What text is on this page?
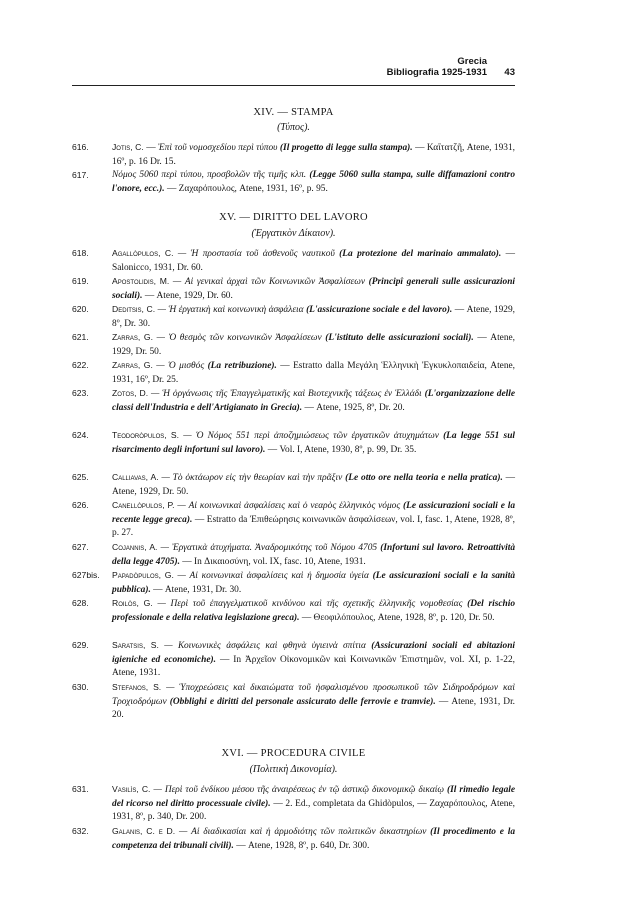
Grecia
Bibliografia 1925-1931	43
XIV. — STAMPA
(Τύπος).
616.	Jotis, C. — Ἐπὶ τοῦ νομοσχεδίου περὶ τύπου (Il progetto di legge sulla stampa). — Καΐτατζῆ, Atene, 1931, 16º, p. 16 Dr. 15.
617.	Νόμος 5060 περὶ τύπου, προσβολῶν τῆς τιμῆς κλπ. (Legge 5060 sulla stampa, sulle diffamazioni contro l'onore, ecc.). — Ζαχαρόπουλος, Atene, 1931, 16º, p. 95.
XV. — DIRITTO DEL LAVORO
(Ἐργατικὸν Δίκαιον).
618.	Agallòpulos, C. — Ἡ προστασία τοῦ ἀσθενοῦς ναυτικοῦ (La protezione del marinaio ammalato). — Salonicco, 1931, Dr. 60.
619.	Apostolidis, M. — Αἱ γενικαὶ ἀρχαὶ τῶν Κοινωνικῶν Ἀσφαλίσεων (Principî generali sulle assicurazioni sociali). — Atene, 1929, Dr. 60.
620.	Deditsis, C. — Ἡ ἐργατικὴ καὶ κοινωνικὴ ἀσφάλεια (L'assicurazione sociale e del lavoro). — Atene, 1929, 8º, Dr. 30.
621.	Zarras, G. — Ὁ θεσμὸς τῶν κοινωνικῶν Ἀσφαλίσεων (L'istituto delle assicurazioni sociali). — Atene, 1929, Dr. 50.
622.	Zarras, G. — Ὁ μισθός (La retribuzione). — Estratto dalla Μεγάλη Ἑλληνικὴ Ἐγκυκλοπαιδεία, Atene, 1931, 16º, Dr. 25.
623.	Zotos, D. — Ἡ ὀργάνωσις τῆς Ἐπαγγελματικῆς καὶ Βιοτεχνικῆς τάξεως ἐν Ἑλλάδι (L'organizzazione delle classi dell'Industria e dell'Artigianato in Grecia). — Atene, 1925, 8º, Dr. 20.
624.	Teodoròpulos, S. — Ὁ Νόμος 551 περὶ ἀποζημιώσεως τῶν ἐργατικῶν ἀτυχημάτων (La legge 551 sul risarcimento degli infortuni sul lavoro). — Vol. I, Atene, 1930, 8º, p. 99, Dr. 35.
625.	Calliavas, A. — Τὸ ὀκτάωρον εἰς τὴν θεωρίαν καὶ τὴν πρᾶξιν (Le otto ore nella teoria e nella pratica). — Atene, 1929, Dr. 50.
626.	Canellòpulos, P. — Αἱ κοινωνικαὶ ἀσφαλίσεις καὶ ὁ νεαρὸς ἑλληνικὸς νόμος (Le assicurazioni sociali e la recente legge greca). — Estratto da Ἐπιθεώρησις κοινωνικῶν ἀσφαλίσεων, vol. I, fasc. 1, Atene, 1928, 8º, p. 27.
627.	Cojannis, A. — Ἐργατικὰ ἀτυχήματα. Ἀναδρομικότης τοῦ Νόμου 4705 (Infortuni sul lavoro. Retroattività della legge 4705). — In Δικαιοσύνη, vol. IX, fasc. 10, Atene, 1931.
627bis.	Papadòpulos, G. — Αἱ κοινωνικαὶ ἀσφαλίσεις καὶ ἡ δημοσία ὑγεία (Le assicurazioni sociali e la sanità pubblica). — Atene, 1931, Dr. 30.
628.	Roilòs, G. — Περὶ τοῦ ἐπαγγελματικοῦ κινδύνου καὶ τῆς σχετικῆς ἑλληνικῆς νομοθεσίας (Del rischio professionale e della relativa legislazione greca). — Θεοφιλόπουλος, Atene, 1928, 8º, p. 120, Dr. 50.
629.	Saratsis, S. — Κοινωνικὲς ἀσφάλεις καὶ φθηνὰ ὑγιεινὰ σπίτια (Assicurazioni sociali ed abitazioni igieniche ed economiche). — In Ἀρχεῖον Οἰκονομικῶν καὶ Κοινωνικῶν Ἐπιστημῶν, vol. XI, p. 1-22, Atene, 1931.
630.	Stefanos, S. — Ὑποχρεώσεις καὶ δικαιώματα τοῦ ἠσφαλισμένου προσωπικοῦ τῶν Σιδηροδρόμων καὶ Τροχιοδρόμων (Obblighi e diritti del personale assicurato delle ferrovie e tramvie). — Atene, 1931, Dr. 20.
XVI. — PROCEDURA CIVILE
(Πολιτικὴ Δικονομία).
631.	Vasilìs, C. — Περὶ τοῦ ἐνδίκου μέσου τῆς ἀναιρέσεως ἐν τῷ ἀστικῷ δικονομικῷ δικαίῳ (Il rimedio legale del ricorso nel diritto processuale civile). — 2. Ed., completata da Ghidòpulos, — Ζαχαρόπουλος, Atene, 1931, 8º, p. 340, Dr. 200.
632.	Galanis, C. e D. — Αἱ διαδικασίαι καὶ ἡ ἁρμοδιότης τῶν πολιτικῶν δικαστηρίων (Il procedimento e la competenza dei tribunali civili). — Atene, 1928, 8º, p. 640, Dr. 300.
